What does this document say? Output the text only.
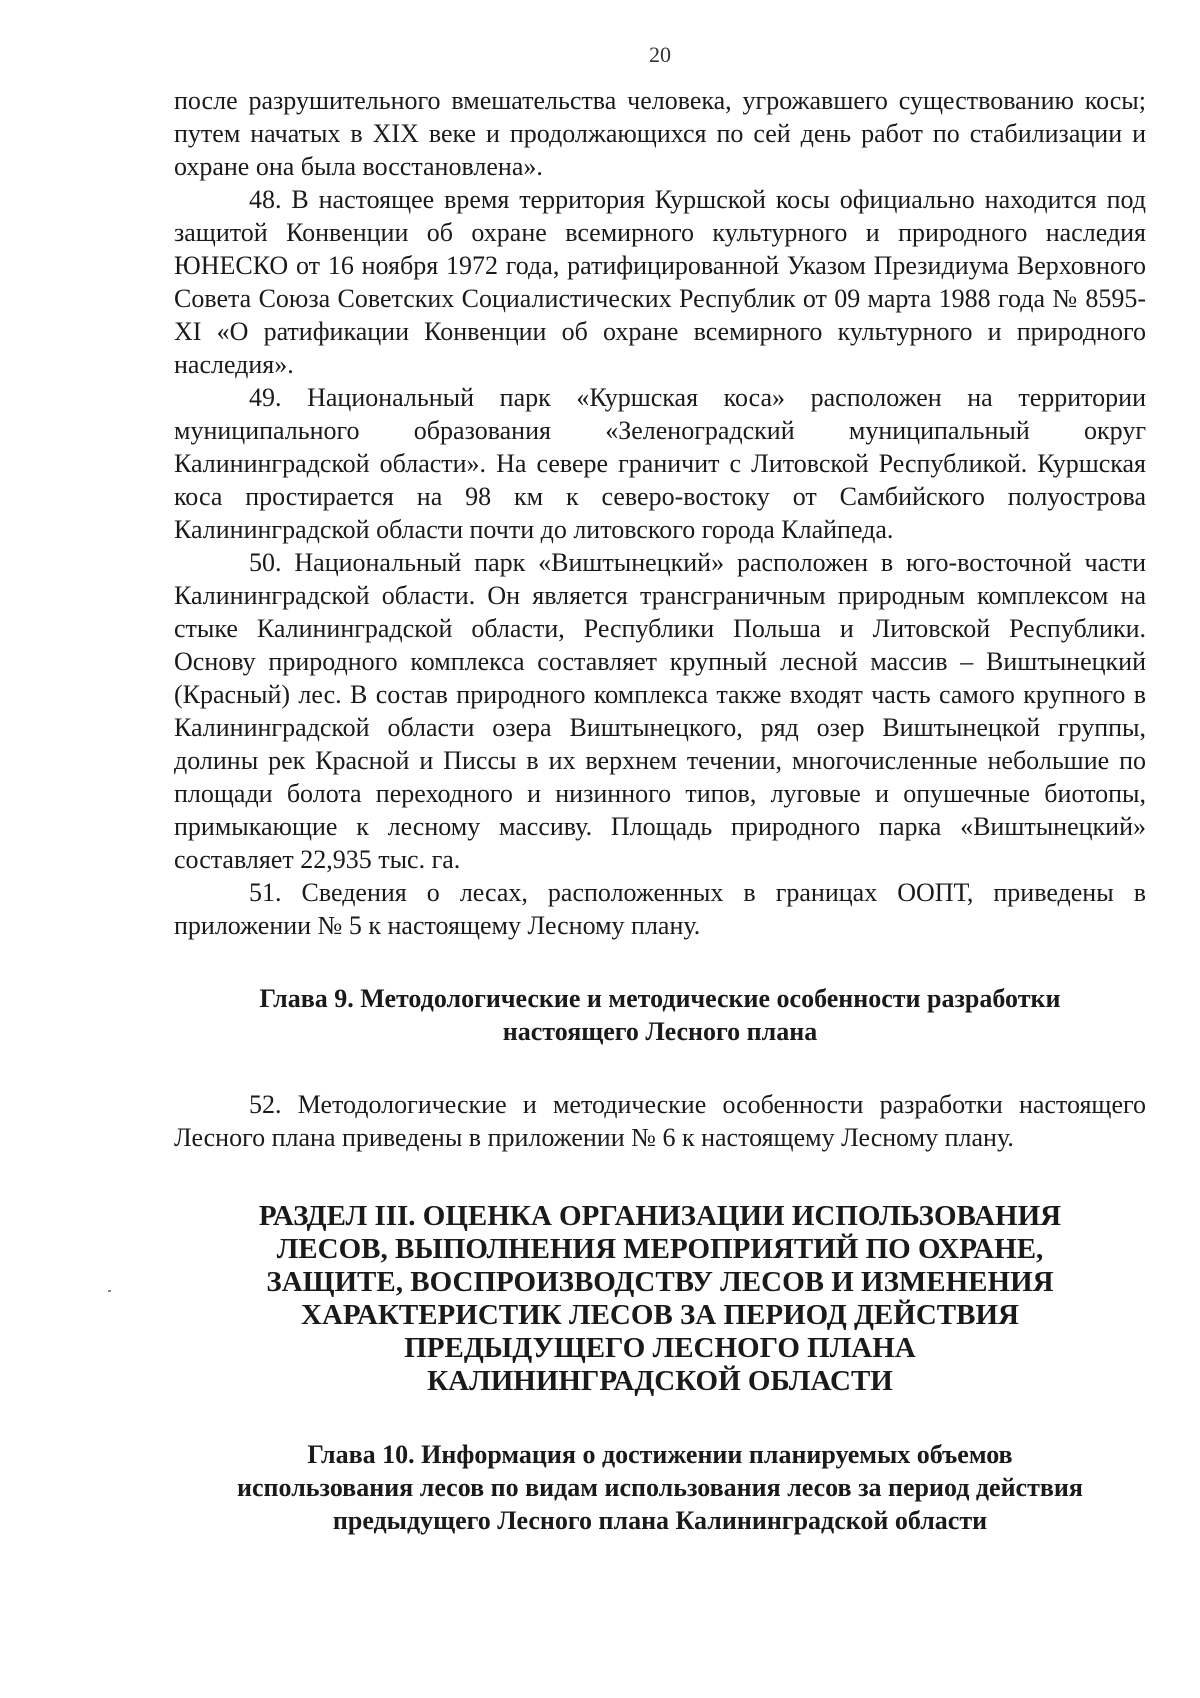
20

после разрушительного вмешательства человека, угрожавшего существованию косы; путем начатых в XIX веке и продолжающихся по сей день работ по стабилизации и охране она была восстановлена».

48. В настоящее время территория Куршской косы официально находится под защитой Конвенции об охране всемирного культурного и природного наследия ЮНЕСКО от 16 ноября 1972 года, ратифицированной Указом Президиума Верховного Совета Союза Советских Социалистических Республик от 09 марта 1988 года № 8595-XI «О ратификации Конвенции об охране всемирного культурного и природного наследия».

49. Национальный парк «Куршская коса» расположен на территории муниципального образования «Зеленоградский муниципальный округ Калининградской области». На севере граничит с Литовской Республикой. Куршская коса простирается на 98 км к северо-востоку от Самбийского полуострова Калининградской области почти до литовского города Клайпеда.

50. Национальный парк «Виштынецкий» расположен в юго-восточной части Калининградской области. Он является трансграничным природным комплексом на стыке Калининградской области, Республики Польша и Литовской Республики. Основу природного комплекса составляет крупный лесной массив – Виштынецкий (Красный) лес. В состав природного комплекса также входят часть самого крупного в Калининградской области озера Виштынецкого, ряд озер Виштынецкой группы, долины рек Красной и Писсы в их верхнем течении, многочисленные небольшие по площади болота переходного и низинного типов, луговые и опушечные биотопы, примыкающие к лесному массиву. Площадь природного парка «Виштынецкий» составляет 22,935 тыс. га.

51. Сведения о лесах, расположенных в границах ООПТ, приведены в приложении № 5 к настоящему Лесному плану.

Глава 9. Методологические и методические особенности разработки
настоящего Лесного плана

52. Методологические и методические особенности разработки настоящего Лесного плана приведены в приложении № 6 к настоящему Лесному плану.

РАЗДЕЛ III. ОЦЕНКА ОРГАНИЗАЦИИ ИСПОЛЬЗОВАНИЯ
ЛЕСОВ, ВЫПОЛНЕНИЯ МЕРОПРИЯТИЙ ПО ОХРАНЕ,
ЗАЩИТЕ, ВОСПРОИЗВОДСТВУ ЛЕСОВ И ИЗМЕНЕНИЯ
ХАРАКТЕРИСТИК ЛЕСОВ ЗА ПЕРИОД ДЕЙСТВИЯ
ПРЕДЫДУЩЕГО ЛЕСНОГО ПЛАНА
КАЛИНИНГРАДСКОЙ ОБЛАСТИ
Глава 10. Информация о достижении планируемых объемов
использования лесов по видам использования лесов за период действия
предыдущего Лесного плана Калининградской области
